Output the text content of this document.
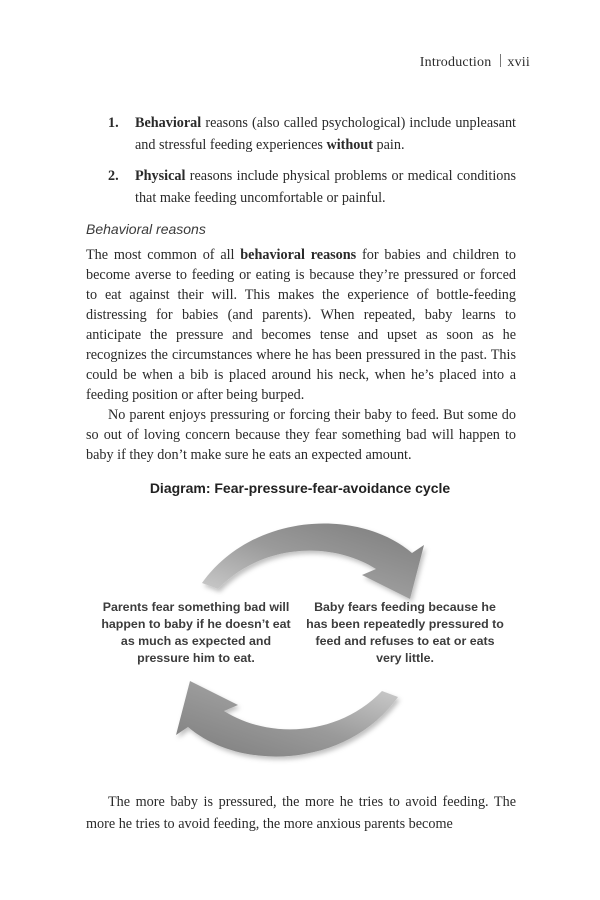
Introduction xvii
1. Behavioral reasons (also called psychological) include unpleasant and stressful feeding experiences without pain.
2. Physical reasons include physical problems or medical conditions that make feeding uncomfortable or painful.
Behavioral reasons

The most common of all behavioral reasons for babies and children to become averse to feeding or eating is because they’re pressured or forced to eat against their will. This makes the experience of bottle-feeding distressing for babies (and parents). When repeated, baby learns to anticipate the pressure and becomes tense and upset as soon as he recognizes the circumstances where he has been pressured in the past. This could be when a bib is placed around his neck, when he’s placed into a feeding position or after being burped.

No parent enjoys pressuring or forcing their baby to feed. But some do so out of loving concern because they fear something bad will happen to baby if they don’t make sure he eats an expected amount.

Diagram: Fear-pressure-fear-avoidance cycle
Parents fear something bad will happen to baby if he doesn’t eat as much as expected and pressure him to eat.
Baby fears feeding because he has been repeatedly pressured to feed and refuses to eat or eats very little.

The more baby is pressured, the more he tries to avoid feeding. The more he tries to avoid feeding, the more anxious parents become
